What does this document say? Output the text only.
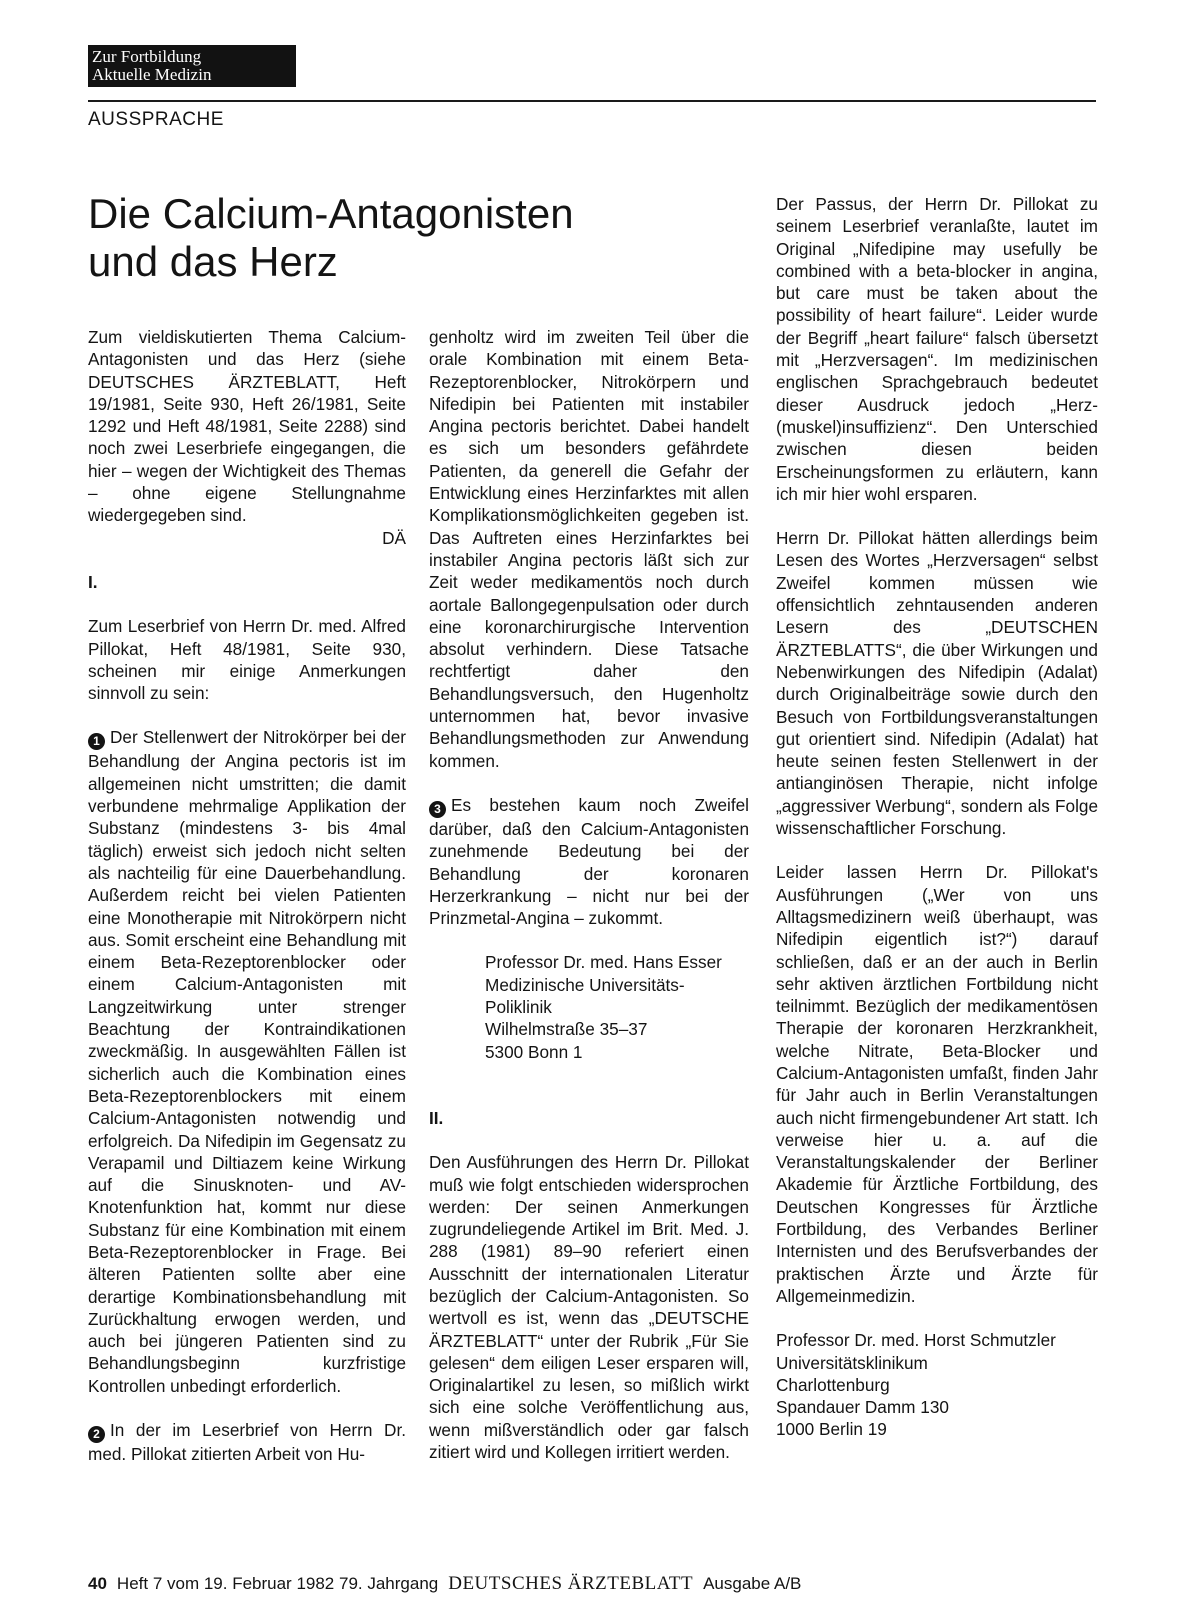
Zur Fortbildung
Aktuelle Medizin
AUSSPRACHE
Die Calcium-Antagonisten
und das Herz

Zum vieldiskutierten Thema Calcium-Antagonisten und das Herz (siehe DEUTSCHES ÄRZTEBLATT, Heft 19/1981, Seite 930, Heft 26/1981, Seite 1292 und Heft 48/1981, Seite 2288) sind noch zwei Leserbriefe eingegangen, die hier – wegen der Wichtigkeit des Themas – ohne eigene Stellungnahme wiedergegeben sind.

DÄ

I.

Zum Leserbrief von Herrn Dr. med. Alfred Pillokat, Heft 48/1981, Seite 930, scheinen mir einige Anmerkungen sinnvoll zu sein:

1 Der Stellenwert der Nitrokörper bei der Behandlung der Angina pectoris ist im allgemeinen nicht umstritten; die damit verbundene mehrmalige Applikation der Substanz (mindestens 3- bis 4mal täglich) erweist sich jedoch nicht selten als nachteilig für eine Dauerbehandlung. Außerdem reicht bei vielen Patienten eine Monotherapie mit Nitrokörpern nicht aus. Somit erscheint eine Behandlung mit einem Beta-Rezeptorenblocker oder einem Calcium-Antagonisten mit Langzeitwirkung unter strenger Beachtung der Kontraindikationen zweckmäßig. In ausgewählten Fällen ist sicherlich auch die Kombination eines Beta-Rezeptorenblockers mit einem Calcium-Antagonisten notwendig und erfolgreich. Da Nifedipin im Gegensatz zu Verapamil und Diltiazem keine Wirkung auf die Sinusknoten- und AV-Knotenfunktion hat, kommt nur diese Substanz für eine Kombination mit einem Beta-Rezeptorenblocker in Frage. Bei älteren Patienten sollte aber eine derartige Kombinationsbehandlung mit Zurückhaltung erwogen werden, und auch bei jüngeren Patienten sind zu Behandlungsbeginn kurzfristige Kontrollen unbedingt erforderlich.

2 In der im Leserbrief von Herrn Dr. med. Pillokat zitierten Arbeit von Hu-

genholtz wird im zweiten Teil über die orale Kombination mit einem Beta-Rezeptorenblocker, Nitrokörpern und Nifedipin bei Patienten mit instabiler Angina pectoris berichtet. Dabei handelt es sich um besonders gefährdete Patienten, da generell die Gefahr der Entwicklung eines Herzinfarktes mit allen Komplikationsmöglichkeiten gegeben ist. Das Auftreten eines Herzinfarktes bei instabiler Angina pectoris läßt sich zur Zeit weder medikamentös noch durch aortale Ballongegenpulsation oder durch eine koronarchirurgische Intervention absolut verhindern. Diese Tatsache rechtfertigt daher den Behandlungsversuch, den Hugenholtz unternommen hat, bevor invasive Behandlungsmethoden zur Anwendung kommen.

3 Es bestehen kaum noch Zweifel darüber, daß den Calcium-Antagonisten zunehmende Bedeutung bei der Behandlung der koronaren Herzerkrankung – nicht nur bei der Prinzmetal-Angina – zukommt.

Professor Dr. med. Hans Esser
Medizinische Universitäts-
Poliklinik
Wilhelmstraße 35–37
5300 Bonn 1

II.

Den Ausführungen des Herrn Dr. Pillokat muß wie folgt entschieden widersprochen werden: Der seinen Anmerkungen zugrundeliegende Artikel im Brit. Med. J. 288 (1981) 89–90 referiert einen Ausschnitt der internationalen Literatur bezüglich der Calcium-Antagonisten. So wertvoll es ist, wenn das „DEUTSCHE ÄRZTEBLATT“ unter der Rubrik „Für Sie gelesen“ dem eiligen Leser ersparen will, Originalartikel zu lesen, so mißlich wirkt sich eine solche Veröffentlichung aus, wenn mißverständlich oder gar falsch zitiert wird und Kollegen irritiert werden.

Der Passus, der Herrn Dr. Pillokat zu seinem Leserbrief veranlaßte, lautet im Original „Nifedipine may usefully be combined with a beta-blocker in angina, but care must be taken about the possibility of heart failure“. Leider wurde der Begriff „heart failure“ falsch übersetzt mit „Herzversagen“. Im medizinischen englischen Sprachgebrauch bedeutet dieser Ausdruck jedoch „Herz-(muskel)insuffizienz“. Den Unterschied zwischen diesen beiden Erscheinungsformen zu erläutern, kann ich mir hier wohl ersparen.

Herrn Dr. Pillokat hätten allerdings beim Lesen des Wortes „Herzversagen“ selbst Zweifel kommen müssen wie offensichtlich zehntausenden anderen Lesern des „DEUTSCHEN ÄRZTEBLATTS“, die über Wirkungen und Nebenwirkungen des Nifedipin (Adalat) durch Originalbeiträge sowie durch den Besuch von Fortbildungsveranstaltungen gut orientiert sind. Nifedipin (Adalat) hat heute seinen festen Stellenwert in der antianginösen Therapie, nicht infolge „aggressiver Werbung“, sondern als Folge wissenschaftlicher Forschung.

Leider lassen Herrn Dr. Pillokat's Ausführungen („Wer von uns Alltagsmedizinern weiß überhaupt, was Nifedipin eigentlich ist?“) darauf schließen, daß er an der auch in Berlin sehr aktiven ärztlichen Fortbildung nicht teilnimmt. Bezüglich der medikamentösen Therapie der koronaren Herzkrankheit, welche Nitrate, Beta-Blocker und Calcium-Antagonisten umfaßt, finden Jahr für Jahr auch in Berlin Veranstaltungen auch nicht firmengebundener Art statt. Ich verweise hier u. a. auf die Veranstaltungskalender der Berliner Akademie für Ärztliche Fortbildung, des Deutschen Kongresses für Ärztliche Fortbildung, des Verbandes Berliner Internisten und des Berufsverbandes der praktischen Ärzte und Ärzte für Allgemeinmedizin.

Professor Dr. med. Horst Schmutzler
Universitätsklinikum
Charlottenburg
Spandauer Damm 130
1000 Berlin 19
40 Heft 7 vom 19. Februar 1982 79. Jahrgang DEUTSCHES ÄRZTEBLATT Ausgabe A/B
